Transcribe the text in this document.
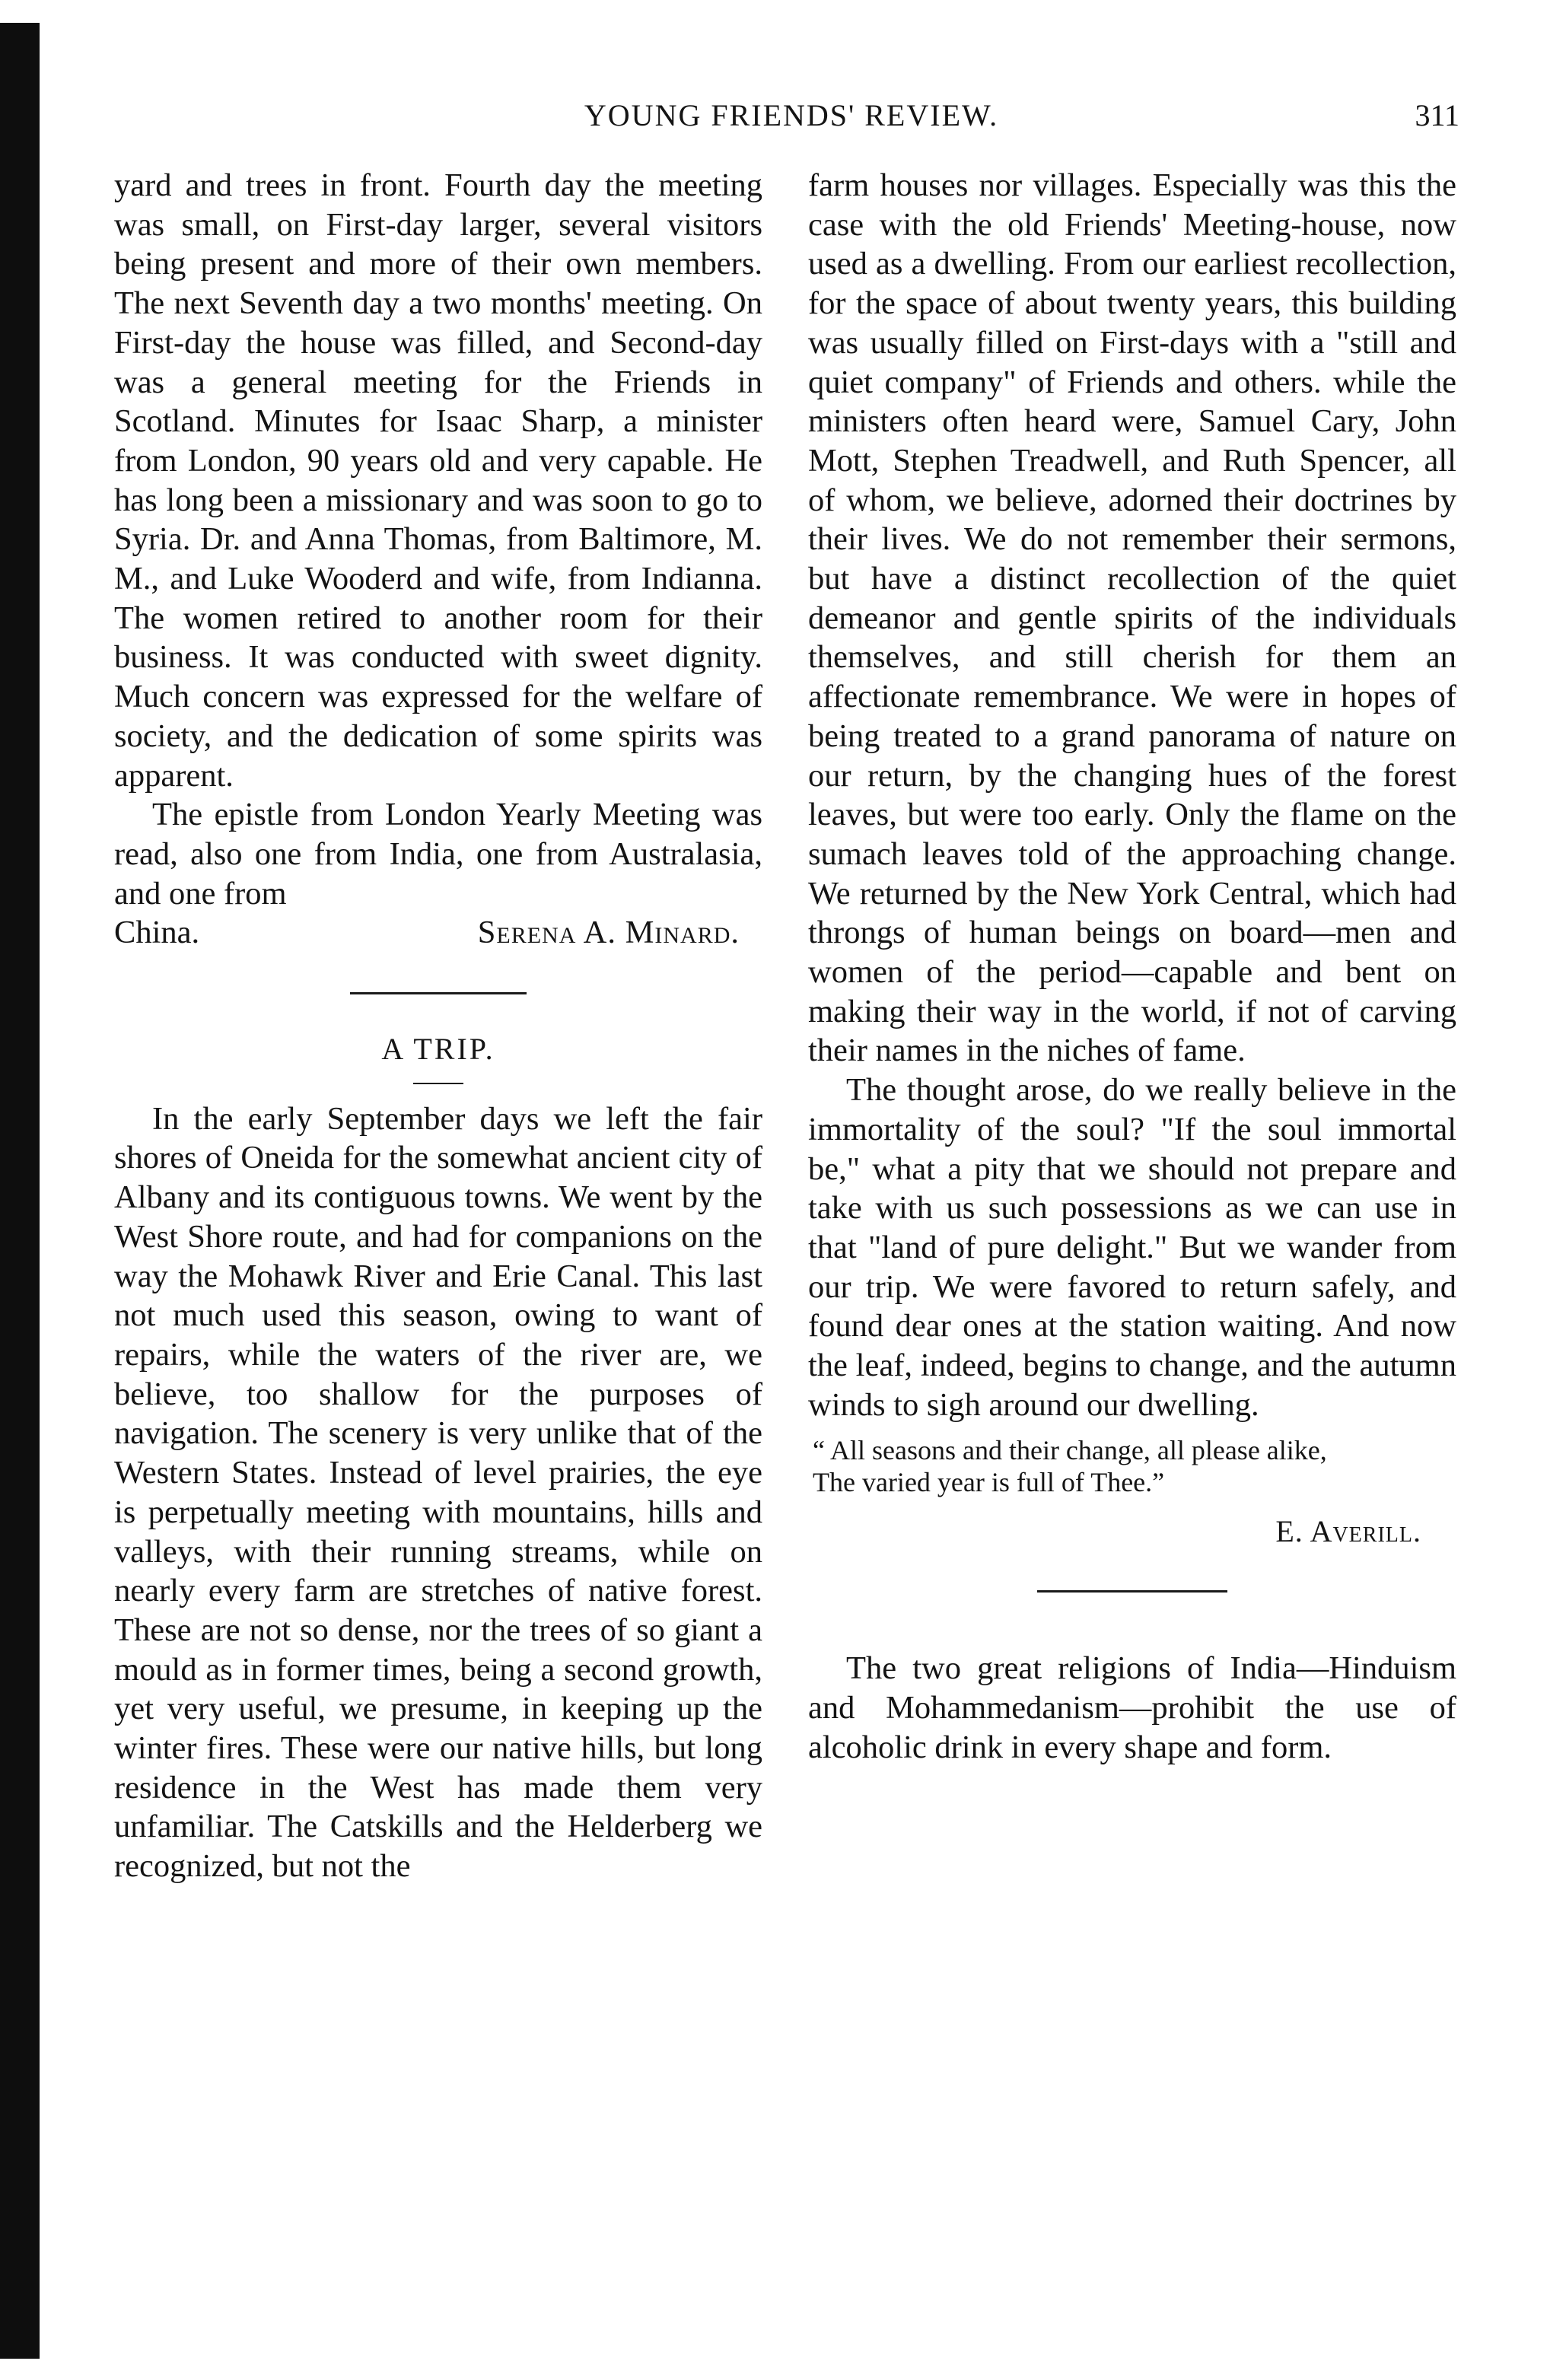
YOUNG FRIENDS' REVIEW.	311

yard and trees in front. Fourth day the meeting was small, on First-day larger, several visitors being present and more of their own members. The next Seventh day a two months' meeting. On First-day the house was filled, and Second-day was a general meeting for the Friends in Scotland. Minutes for Isaac Sharp, a minister from London, 90 years old and very capable. He has long been a missionary and was soon to go to Syria. Dr. and Anna Thomas, from Baltimore, M. M., and Luke Wooderd and wife, from Indianna. The women retired to another room for their business. It was conducted with sweet dignity. Much concern was expressed for the welfare of society, and the dedication of some spirits was apparent.

The epistle from London Yearly Meeting was read, also one from India, one from Australasia, and one from

China.	Serena A. Minard.
A TRIP.

In the early September days we left the fair shores of Oneida for the somewhat ancient city of Albany and its contiguous towns. We went by the West Shore route, and had for companions on the way the Mohawk River and Erie Canal. This last not much used this season, owing to want of repairs, while the waters of the river are, we believe, too shallow for the purposes of navigation. The scenery is very unlike that of the Western States. Instead of level prairies, the eye is perpetually meeting with mountains, hills and valleys, with their running streams, while on nearly every farm are stretches of native forest. These are not so dense, nor the trees of so giant a mould as in former times, being a second growth, yet very useful, we presume, in keeping up the winter fires. These were our native hills, but long residence in the West has made them very unfamiliar. The Catskills and the Helderberg we recognized, but not the

farm houses nor villages. Especially was this the case with the old Friends' Meeting-house, now used as a dwelling. From our earliest recollection, for the space of about twenty years, this building was usually filled on First-days with a "still and quiet company" of Friends and others. while the ministers often heard were, Samuel Cary, John Mott, Stephen Treadwell, and Ruth Spencer, all of whom, we believe, adorned their doctrines by their lives. We do not remember their sermons, but have a distinct recollection of the quiet demeanor and gentle spirits of the individuals themselves, and still cherish for them an affectionate remembrance. We were in hopes of being treated to a grand panorama of nature on our return, by the changing hues of the forest leaves, but were too early. Only the flame on the sumach leaves told of the approaching change. We returned by the New York Central, which had throngs of human beings on board—men and women of the period—capable and bent on making their way in the world, if not of carving their names in the niches of fame.

The thought arose, do we really believe in the immortality of the soul? "If the soul immortal be," what a pity that we should not prepare and take with us such possessions as we can use in that "land of pure delight." But we wander from our trip. We were favored to return safely, and found dear ones at the station waiting. And now the leaf, indeed, begins to change, and the autumn winds to sigh around our dwelling.

“ All seasons and their change, all please alike,
The varied year is full of Thee.”
E. Averill.

The two great religions of India—Hinduism and Mohammedanism—prohibit the use of alcoholic drink in every shape and form.
